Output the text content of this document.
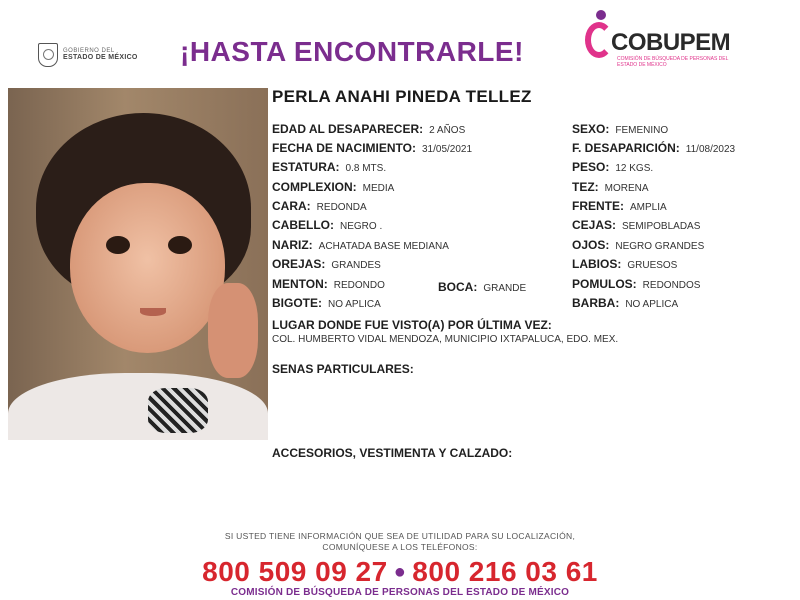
GOBIERNO DEL
ESTADO DE MÉXICO ¡HASTA ENCONTRARLE!	COBUPEM
COMISIÓN DE BÚSQUEDA DE PERSONAS DEL ESTADO DE MÉXICO
PERLA ANAHI PINEDA TELLEZ
EDAD AL DESAPARECER: 2 AÑOS
FECHA DE NACIMIENTO: 31/05/2021
ESTATURA: 0.8 MTS.
COMPLEXION: MEDIA
CARA: REDONDA
CABELLO: NEGRO .
NARIZ: ACHATADA BASE MEDIANA
OREJAS: GRANDES
MENTON: REDONDO
BIGOTE: NO APLICA
BOCA: GRANDE
SEXO: FEMENINO
F. DESAPARICIÓN: 11/08/2023
PESO: 12 KGS.
TEZ: MORENA
FRENTE: AMPLIA
CEJAS: SEMIPOBLADAS
OJOS: NEGRO GRANDES
LABIOS: GRUESOS
POMULOS: REDONDOS
BARBA: NO APLICA
LUGAR DONDE FUE VISTO(A) POR ÚLTIMA VEZ:
COL. HUMBERTO VIDAL MENDOZA, MUNICIPIO IXTAPALUCA, EDO. MEX.
SENAS PARTICULARES:
ACCESORIOS, VESTIMENTA Y CALZADO:
SI USTED TIENE INFORMACIÓN QUE SEA DE UTILIDAD PARA SU LOCALIZACIÓN,
COMUNÍQUESE A LOS TELÉFONOS:
800 509 09 27 ● 800 216 03 61
COMISIÓN DE BÚSQUEDA DE PERSONAS DEL ESTADO DE MÉXICO
